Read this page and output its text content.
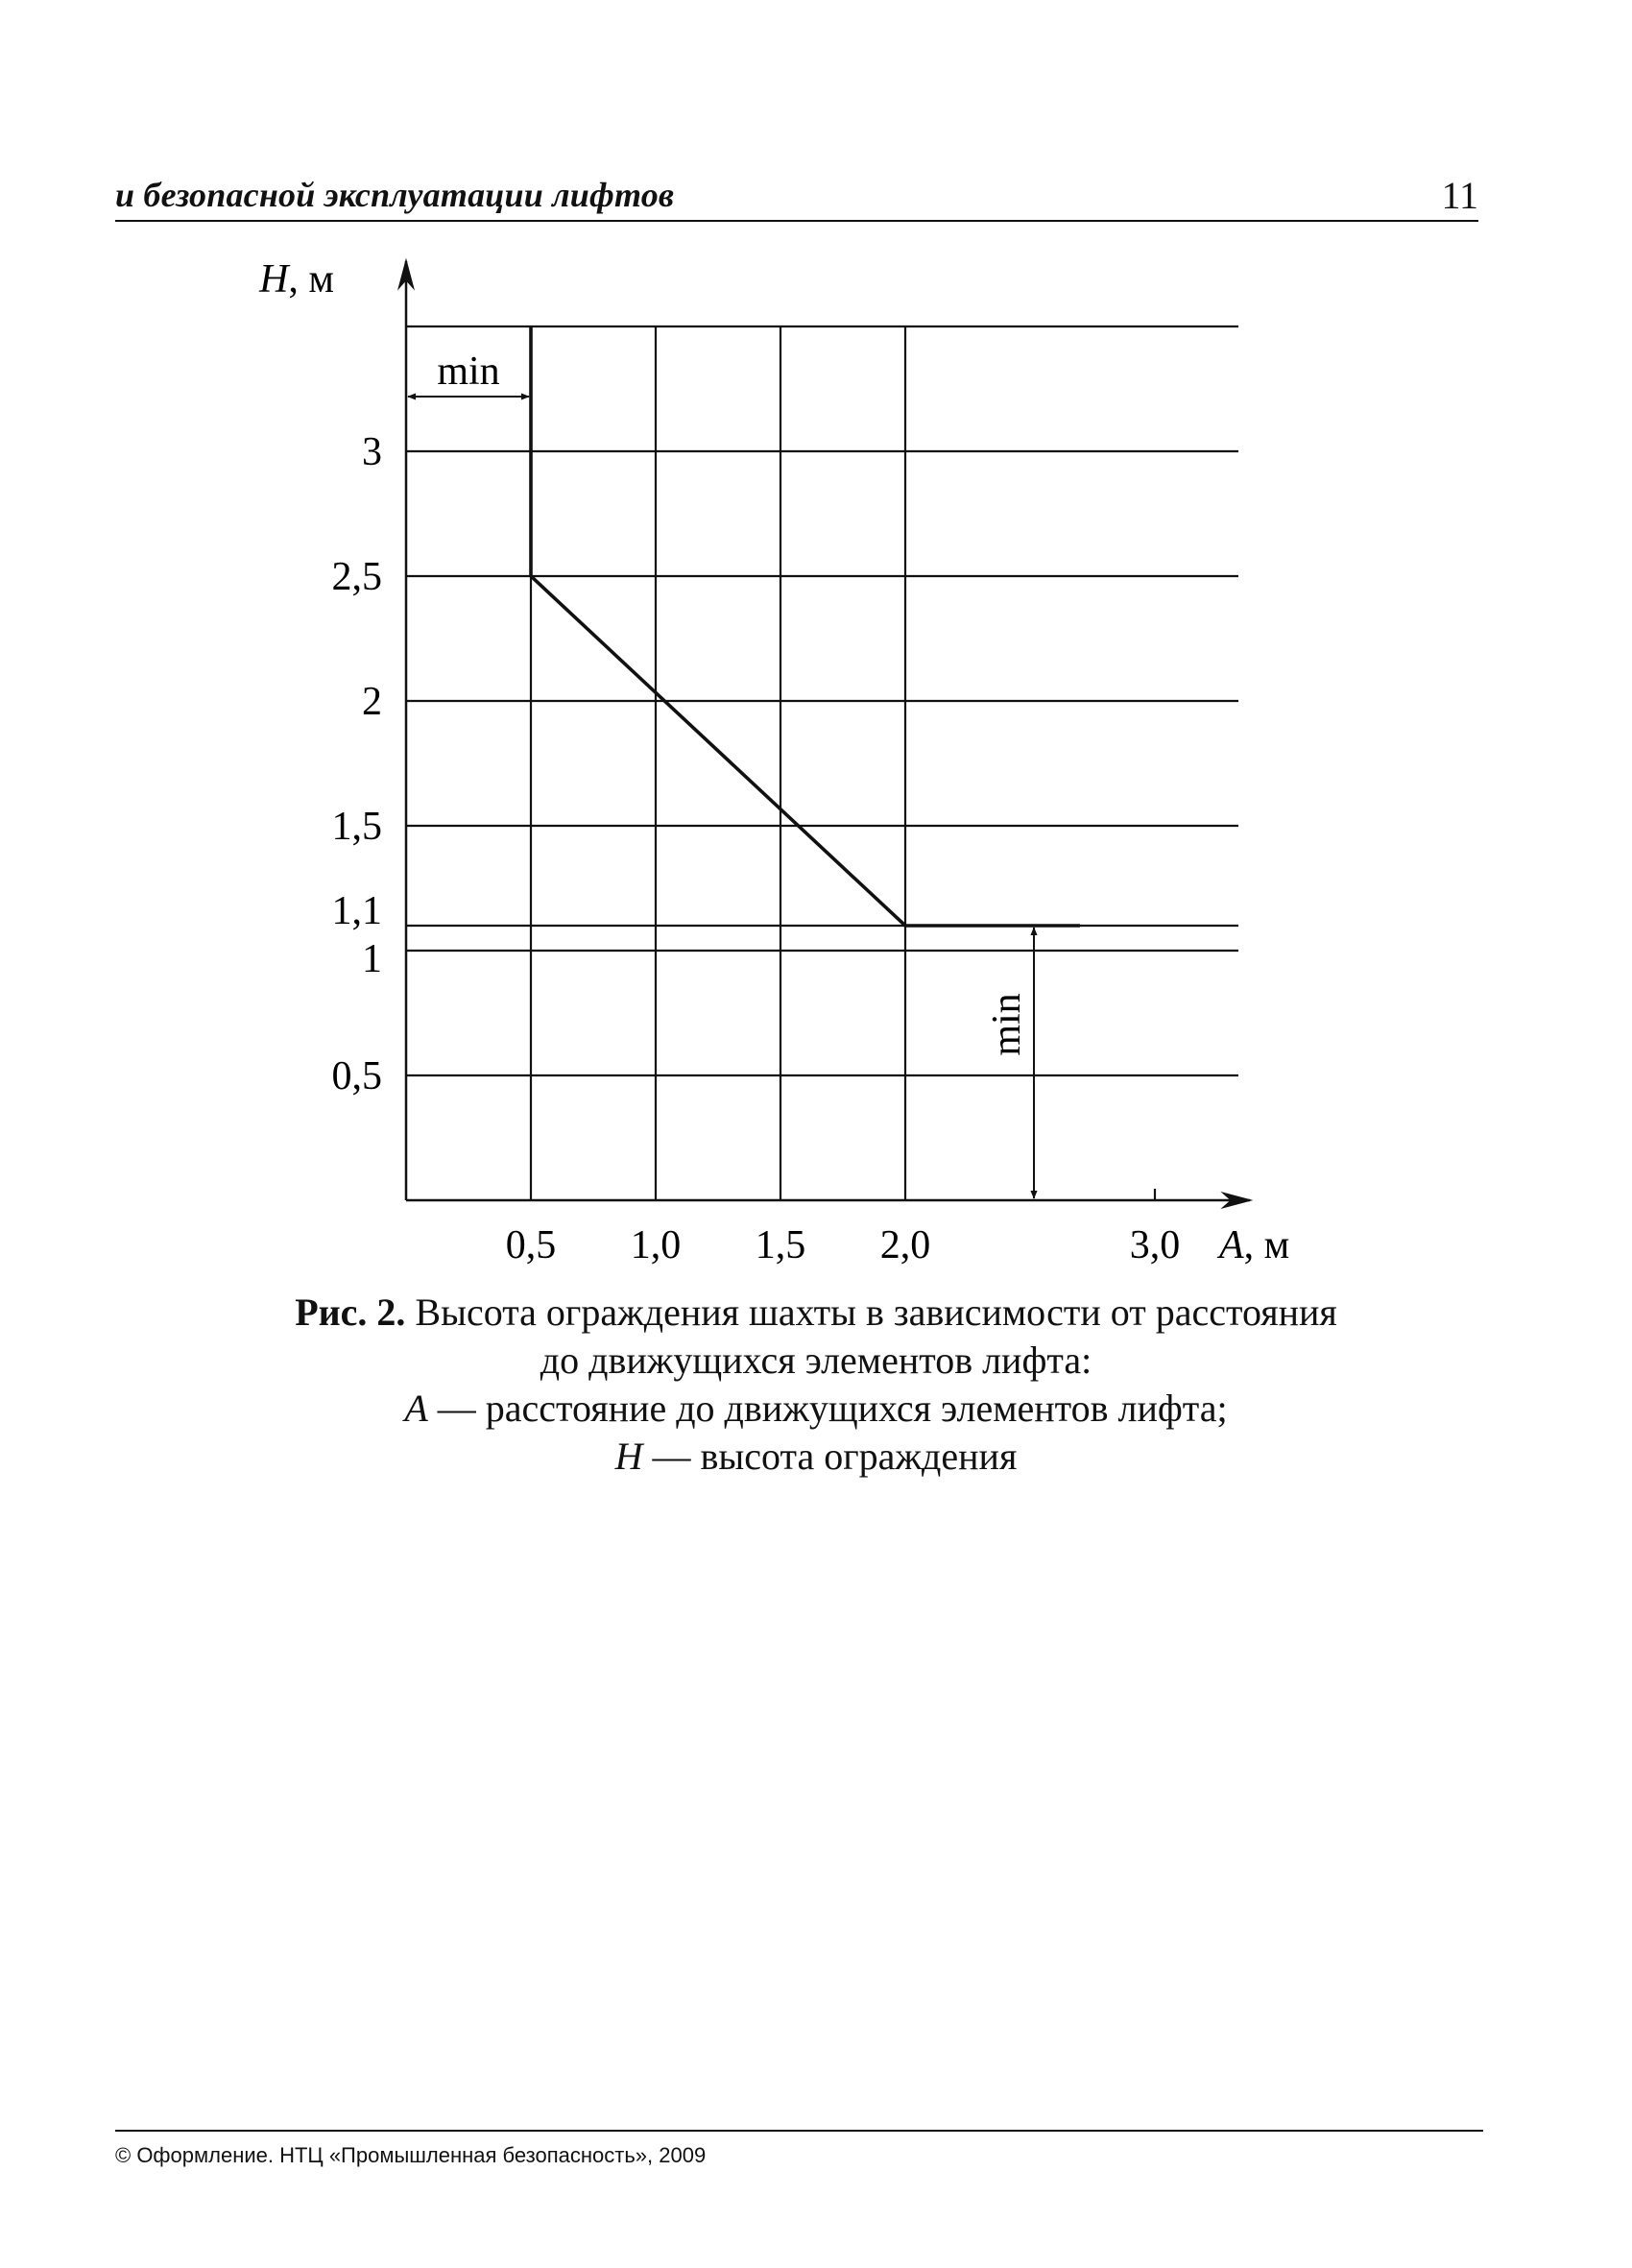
и безопасной эксплуатации лифтов	11
min
min
0,5
1
1,1
1,5
2
2,5
3
0,5 1,0 1,5 2,0	3,0
H, м
A, м
Рис. 2. Высота ограждения шахты в зависимости от расстояния
до движущихся элементов лифта:
A — расстояние до движущихся элементов лифта;
H — высота ограждения
© Оформление. НТЦ «Промышленная безопасность», 2009
